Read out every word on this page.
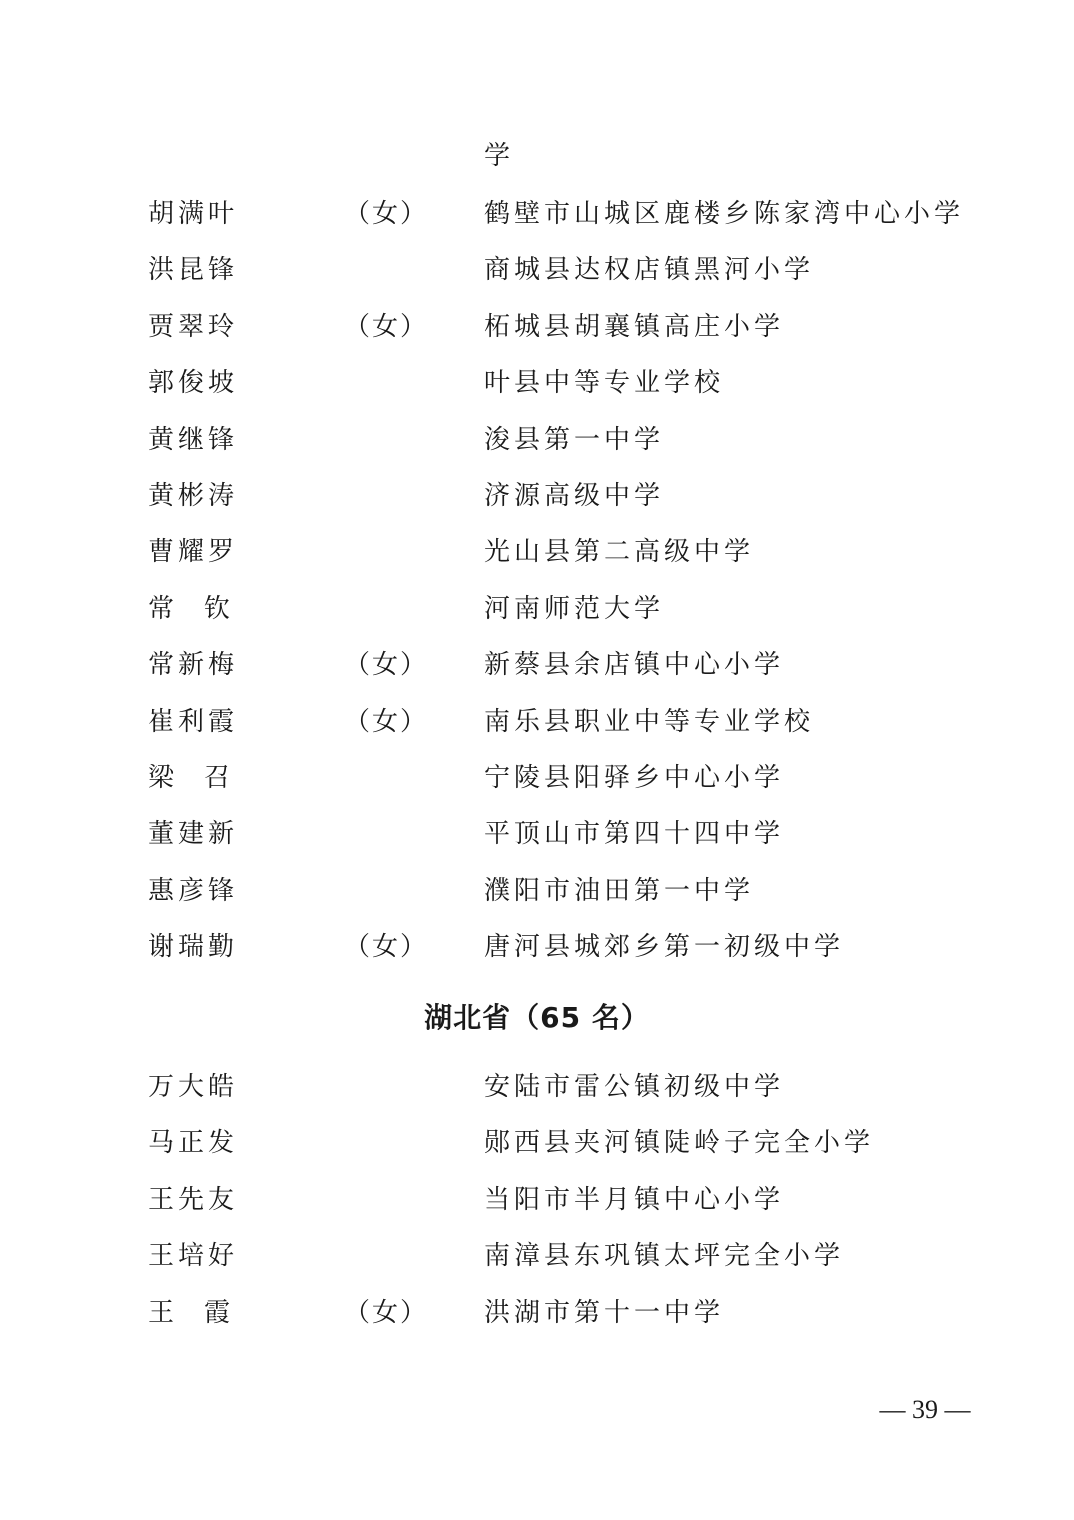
学
胡满叶	（女） 鹤壁市山城区鹿楼乡陈家湾中心小学
洪昆锋	商城县达权店镇黑河小学
贾翠玲	（女） 柘城县胡襄镇高庄小学
郭俊坡	叶县中等专业学校
黄继锋	浚县第一中学
黄彬涛	济源高级中学
曹耀罗	光山县第二高级中学
常钦	河南师范大学
常新梅	（女） 新蔡县余店镇中心小学
崔利霞	（女） 南乐县职业中等专业学校
梁召	宁陵县阳驿乡中心小学
董建新	平顶山市第四十四中学
惠彦锋	濮阳市油田第一中学
谢瑞勤	（女） 唐河县城郊乡第一初级中学
湖北省（65 名）
万大皓	安陆市雷公镇初级中学
马正发	郧西县夹河镇陡岭子完全小学
王先友	当阳市半月镇中心小学
王培好	南漳县东巩镇太坪完全小学
王霞	（女） 洪湖市第十一中学
— 39 —
